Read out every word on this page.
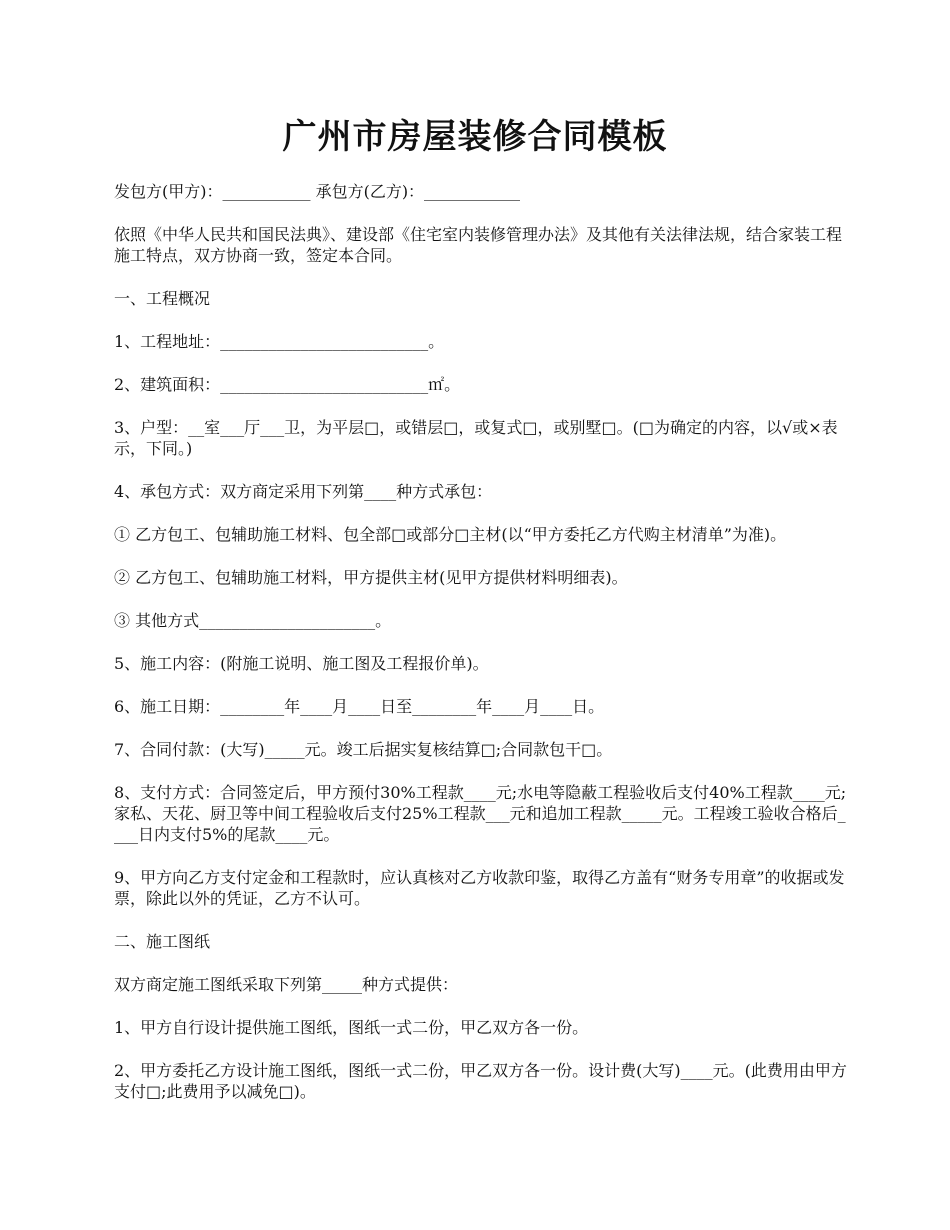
广州市房屋装修合同模板

发包方(甲方)：___________ 承包方(乙方)：____________

依照《中华人民共和国民法典》、建设部《住宅室内装修管理办法》及其他有关法律法规，结合家装工程施工特点，双方协商一致，签定本合同。

一、工程概况

1、工程地址：__________________________。

2、建筑面积：__________________________㎡。

3、户型：__室___厅___卫，为平层□，或错层□，或复式□，或别墅□。(□为确定的内容，以√或×表示，下同。)

4、承包方式：双方商定采用下列第____种方式承包：

① 乙方包工、包辅助施工材料、包全部□或部分□主材(以“甲方委托乙方代购主材清单”为准)。

② 乙方包工、包辅助施工材料，甲方提供主材(见甲方提供材料明细表)。

③ 其他方式______________________。

5、施工内容：(附施工说明、施工图及工程报价单)。

6、施工日期：________年____月____日至________年____月____日。

7、合同付款：(大写)_____元。竣工后据实复核结算□;合同款包干□。

8、支付方式：合同签定后，甲方预付30%工程款____元;水电等隐蔽工程验收后支付40%工程款____元;家私、天花、厨卫等中间工程验收后支付25%工程款___元和追加工程款_____元。工程竣工验收合格后____日内支付5%的尾款____元。

9、甲方向乙方支付定金和工程款时，应认真核对乙方收款印鉴，取得乙方盖有“财务专用章”的收据或发票，除此以外的凭证，乙方不认可。

二、施工图纸

双方商定施工图纸采取下列第_____种方式提供：

1、甲方自行设计提供施工图纸，图纸一式二份，甲乙双方各一份。

2、甲方委托乙方设计施工图纸，图纸一式二份，甲乙双方各一份。设计费(大写)____元。(此费用由甲方支付□;此费用予以减免□)。
